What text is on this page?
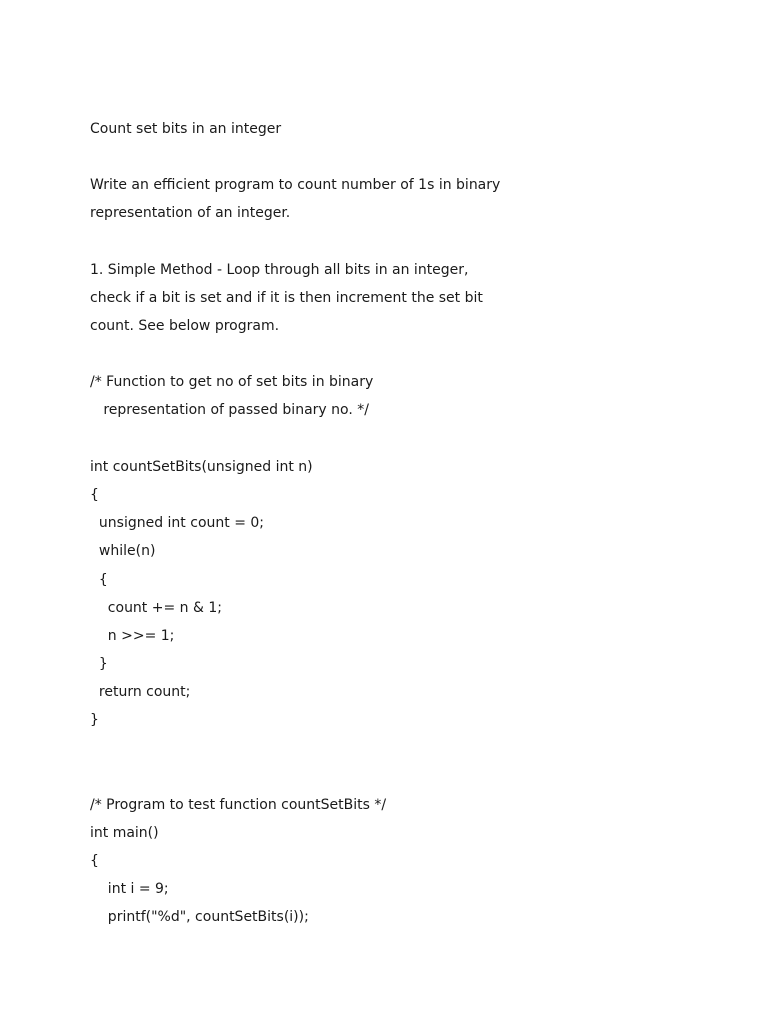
Count set bits in an integer
Write an efficient program to count number of 1s in binary
representation of an integer.
1. Simple Method - Loop through all bits in an integer,
check if a bit is set and if it is then increment the set bit
count. See below program.
/* Function to get no of set bits in binary
representation of passed binary no. */
int countSetBits(unsigned int n)
{
unsigned int count = 0;
while(n)
{
count += n & 1;
n >>= 1;
}
return count;
}
/* Program to test function countSetBits */
int main()
{
int i = 9;
printf("%d", countSetBits(i));
